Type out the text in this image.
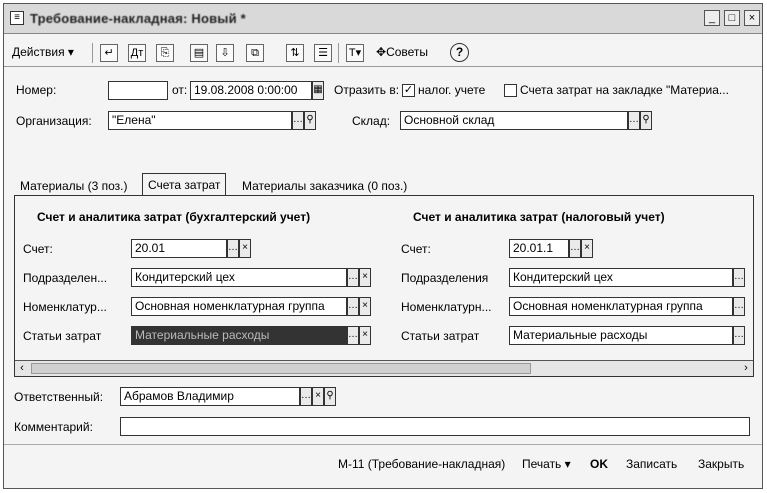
≡ Требование-накладная: Новый *	_	□	×
Действия ▾	↵	Дт	⎘	▤	⇩	⧉	⇅	☰	T▾ ✥Советы	?
Номер:	от: 19.08.2008 0:00:00	▦ Отразить в: ✓ налог. учете	Счета затрат на закладке "Материа...
Организация:	"Елена"	… ⚲	Склад:	Основной склад	… ⚲
Материалы (3 поз.)	Счета затрат	Материалы заказчика (0 поз.)
Счет и аналитика затрат (бухгалтерский учет)
Счет:	20.01	… ×
Подразделен...	Кондитерский цех	… ×
Номенклатур...	Основная номенклатурная группа	… ×
Статьи затрат	Материальные расходы	… ×
Счет и аналитика затрат (налоговый учет)
Счет:	20.01.1	… ×
Подразделения	Кондитерский цех	…
Номенклатурн...	Основная номенклатурная группа	…
Статьи затрат	Материальные расходы	…
‹	›
Ответственный:	Абрамов Владимир	… × ⚲
Комментарий:
М-11 (Требование-накладная) Печать ▾ OK Записать Закрыть
